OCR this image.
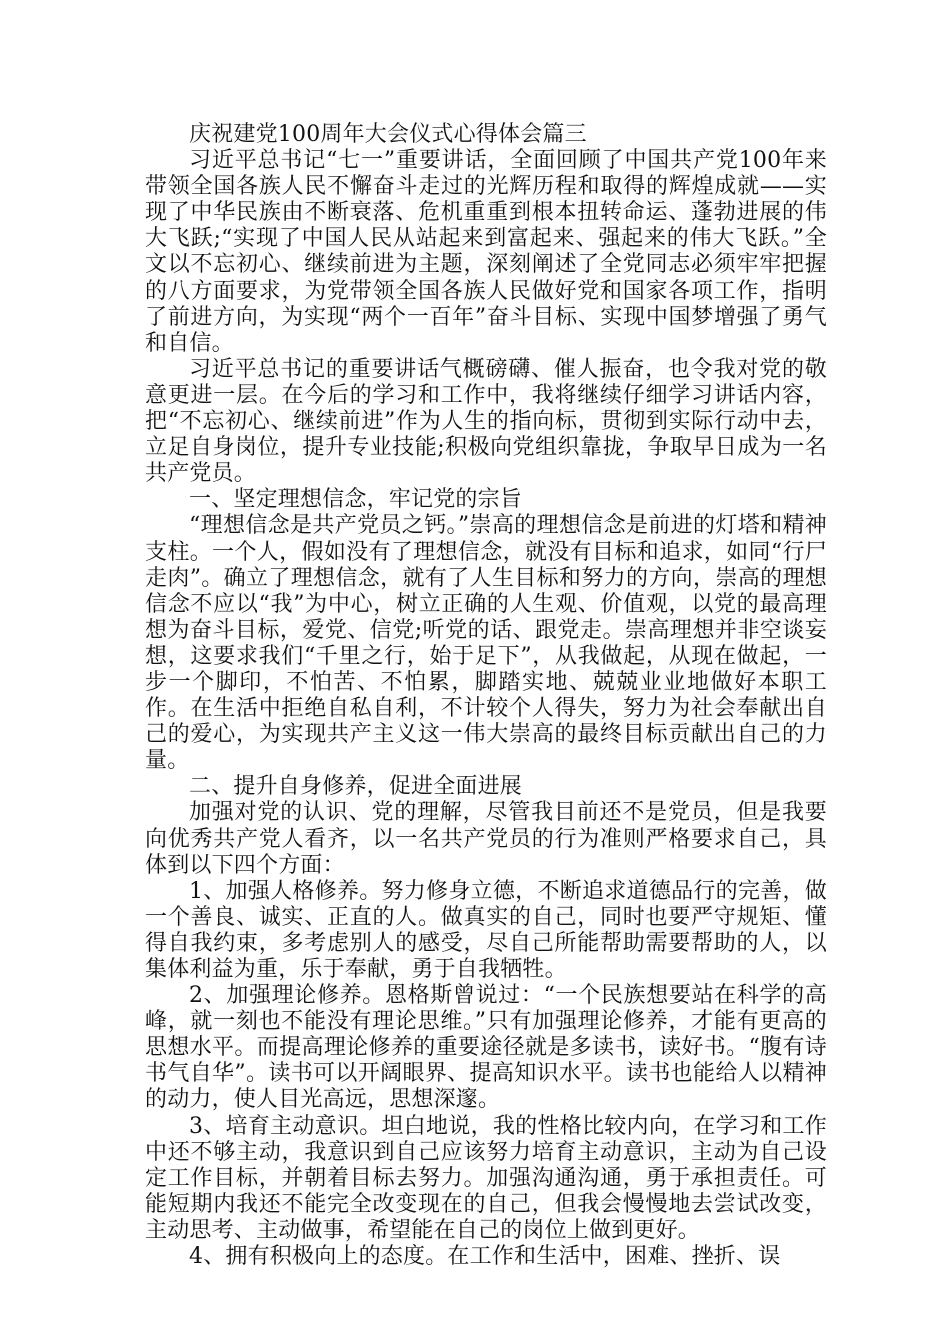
庆祝建党100周年大会仪式心得体会篇三

习近平总书记“七一”重要讲话，全面回顾了中国共产党100年来带领全国各族人民不懈奋斗走过的光辉历程和取得的辉煌成就——实现了中华民族由不断衰落、危机重重到根本扭转命运、蓬勃进展的伟大飞跃;“实现了中国人民从站起来到富起来、强起来的伟大飞跃。”全文以不忘初心、继续前进为主题，深刻阐述了全党同志必须牢牢把握的八方面要求，为党带领全国各族人民做好党和国家各项工作，指明了前进方向，为实现“两个一百年”奋斗目标、实现中国梦增强了勇气和自信。

习近平总书记的重要讲话气概磅礴、催人振奋，也令我对党的敬意更进一层。在今后的学习和工作中，我将继续仔细学习讲话内容，把“不忘初心、继续前进”作为人生的指向标，贯彻到实际行动中去，立足自身岗位，提升专业技能;积极向党组织靠拢，争取早日成为一名共产党员。

一、坚定理想信念，牢记党的宗旨

“理想信念是共产党员之钙。”崇高的理想信念是前进的灯塔和精神支柱。一个人，假如没有了理想信念，就没有目标和追求，如同“行尸走肉”。确立了理想信念，就有了人生目标和努力的方向，崇高的理想信念不应以“我”为中心，树立正确的人生观、价值观，以党的最高理想为奋斗目标，爱党、信党;听党的话、跟党走。崇高理想并非空谈妄想，这要求我们“千里之行，始于足下”，从我做起，从现在做起，一步一个脚印，不怕苦、不怕累，脚踏实地、兢兢业业地做好本职工作。在生活中拒绝自私自利，不计较个人得失，努力为社会奉献出自己的爱心，为实现共产主义这一伟大崇高的最终目标贡献出自己的力量。

二、提升自身修养，促进全面进展

加强对党的认识、党的理解，尽管我目前还不是党员，但是我要向优秀共产党人看齐，以一名共产党员的行为准则严格要求自己，具体到以下四个方面：

1、加强人格修养。努力修身立德，不断追求道德品行的完善，做一个善良、诚实、正直的人。做真实的自己，同时也要严守规矩、懂得自我约束，多考虑别人的感受，尽自己所能帮助需要帮助的人，以集体利益为重，乐于奉献，勇于自我牺牲。

2、加强理论修养。恩格斯曾说过：“一个民族想要站在科学的高峰，就一刻也不能没有理论思维。”只有加强理论修养，才能有更高的思想水平。而提高理论修养的重要途径就是多读书，读好书。“腹有诗书气自华”。读书可以开阔眼界、提高知识水平。读书也能给人以精神的动力，使人目光高远，思想深邃。

3、培育主动意识。坦白地说，我的性格比较内向，在学习和工作中还不够主动，我意识到自己应该努力培育主动意识，主动为自己设定工作目标，并朝着目标去努力。加强沟通沟通，勇于承担责任。可能短期内我还不能完全改变现在的自己，但我会慢慢地去尝试改变，主动思考、主动做事，希望能在自己的岗位上做到更好。

4、拥有积极向上的态度。在工作和生活中，困难、挫折、误
